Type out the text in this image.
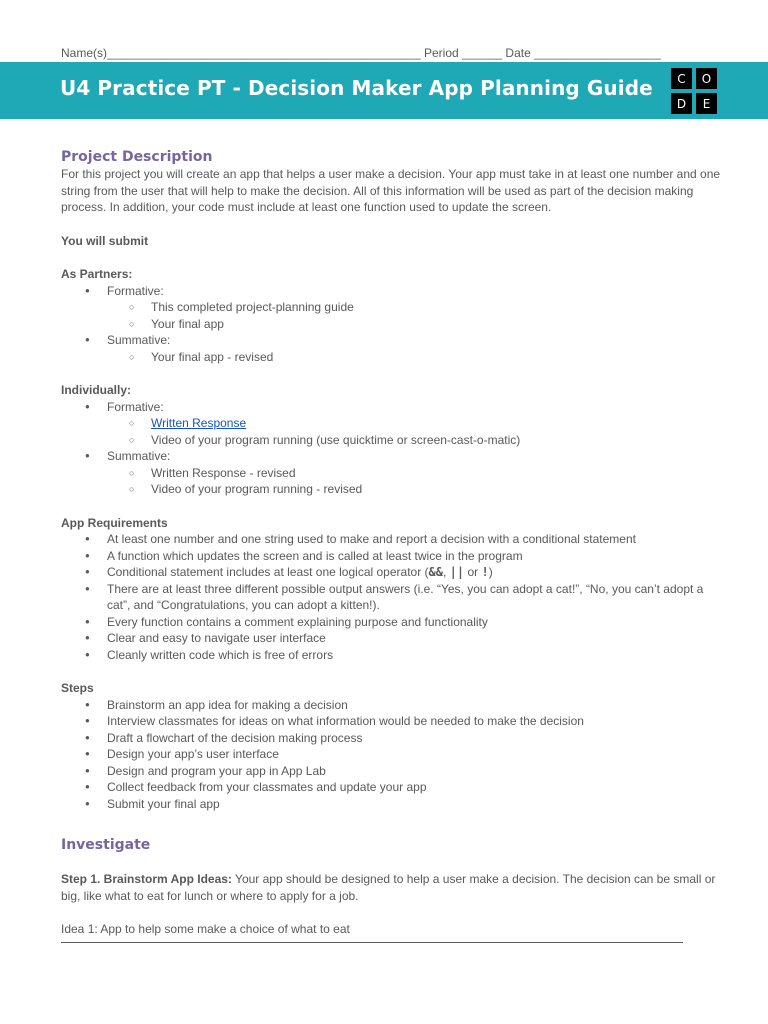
Name(s)_______________________________________________ Period ______ Date ___________________
U4 Practice PT - Decision Maker App Planning Guide	C	O
D	E
Project Description

For this project you will create an app that helps a user make a decision. Your app must take in at least one number and one string from the user that will help to make the decision. All of this information will be used as part of the decision making process. In addition, your code must include at least one function used to update the screen.

You will submit

As Partners:

● Formative:
○ This completed project-planning guide
○ Your final app
● Summative:
○ Your final app - revised

Individually:

● Formative:
○ Written Response
○ Video of your program running (use quicktime or screen-cast-o-matic)
● Summative:
○ Written Response - revised
○ Video of your program running - revised

App Requirements

● At least one number and one string used to make and report a decision with a conditional statement
● A function which updates the screen and is called at least twice in the program
● Conditional statement includes at least one logical operator (&&, || or !)
● There are at least three different possible output answers (i.e. “Yes, you can adopt a cat!”, “No, you can’t adopt a cat”, and “Congratulations, you can adopt a kitten!).
● Every function contains a comment explaining purpose and functionality
● Clear and easy to navigate user interface
● Cleanly written code which is free of errors

Steps

● Brainstorm an app idea for making a decision
● Interview classmates for ideas on what information would be needed to make the decision
● Draft a flowchart of the decision making process
● Design your app’s user interface
● Design and program your app in App Lab
● Collect feedback from your classmates and update your app
● Submit your final app
Investigate

Step 1. Brainstorm App Ideas: Your app should be designed to help a user make a decision. The decision can be small or big, like what to eat for lunch or where to apply for a job.

Idea 1: App to help some make a choice of what to eat
